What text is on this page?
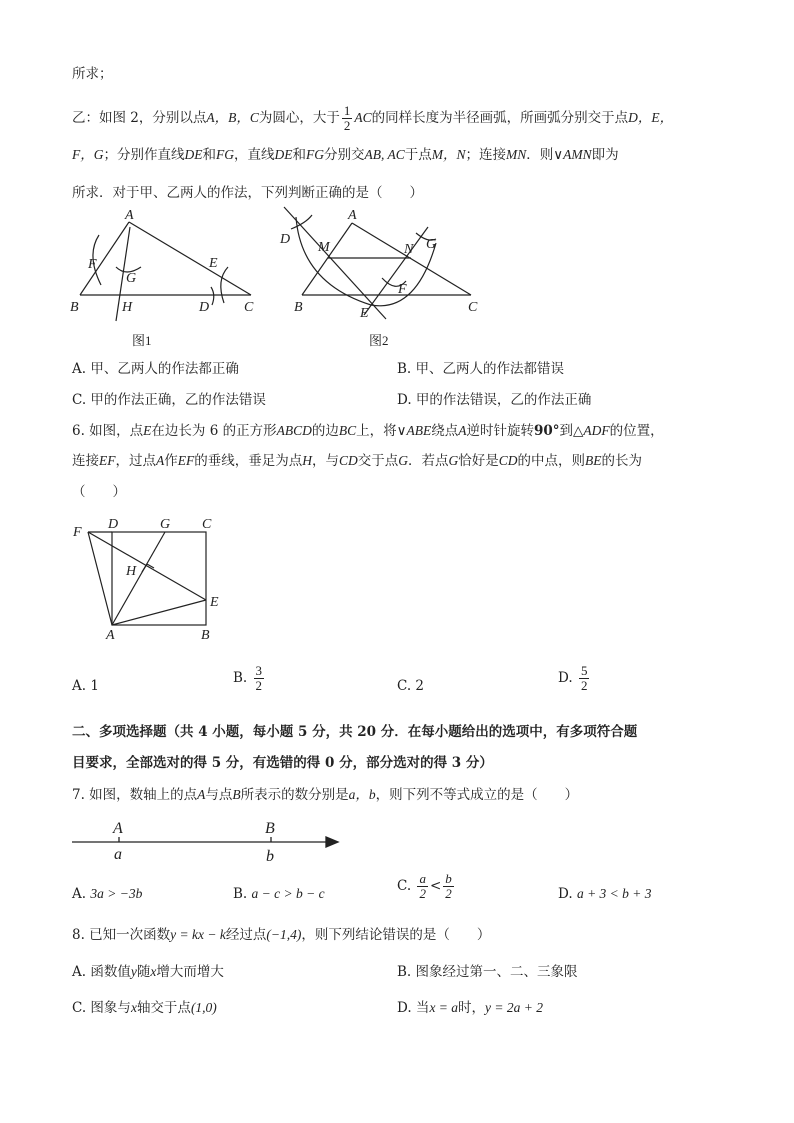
所求；
乙：如图 2，分别以点A，B，C为圆心，大于 $\frac{1}{2}$ AC的同样长度为半径画弧，所画弧分别交于点D，E，
F，G；分别作直线DE和FG，直线DE和FG分别交AB, AC于点M，N；连接MN．则∨AMN即为
所求．对于甲、乙两人的作法，下列判断正确的是（　　）
A
B	C
D
E
F
G
H
图1
A
B	C
D
E
F
G
M	N
图2
A. 甲、乙两人的作法都正确	B. 甲、乙两人的作法都错误
C. 甲的作法正确，乙的作法错误	D. 甲的作法错误，乙的作法正确
6. 如图，点E在边长为 6 的正方形ABCD的边BC上，将∨ABE绕点A逆时针旋转90°到△ADF的位置，
连接EF，过点A作EF的垂线，垂足为点H，与CD交于点G．若点G恰好是CD的中点，则BE的长为
（　　）
F
D	G C
H
E
A	B
A. 1	B. $\frac{3}{2}$	C. 2	D. $\frac{5}{2}$
二、多项选择题（共 4 小题，每小题 5 分，共 20 分．在每小题给出的选项中，有多项符合题
目要求，全部选对的得 5 分，有选错的得 0 分，部分选对的得 3 分）
7. 如图，数轴上的点A与点B所表示的数分别是a，b，则下列不等式成立的是（　　）
A	B
a	b
A. 3a > −3b	B. a − c > b − c	C. $\frac{a}{2} < \frac{b}{2}$	D. a + 3 < b + 3
8. 已知一次函数y = kx − k经过点(−1,4)，则下列结论错误的是（　　）
A. 函数值y随x增大而增大	B. 图象经过第一、二、三象限
C. 图象与x轴交于点(1,0)	D. 当x = a时，y = 2a + 2
